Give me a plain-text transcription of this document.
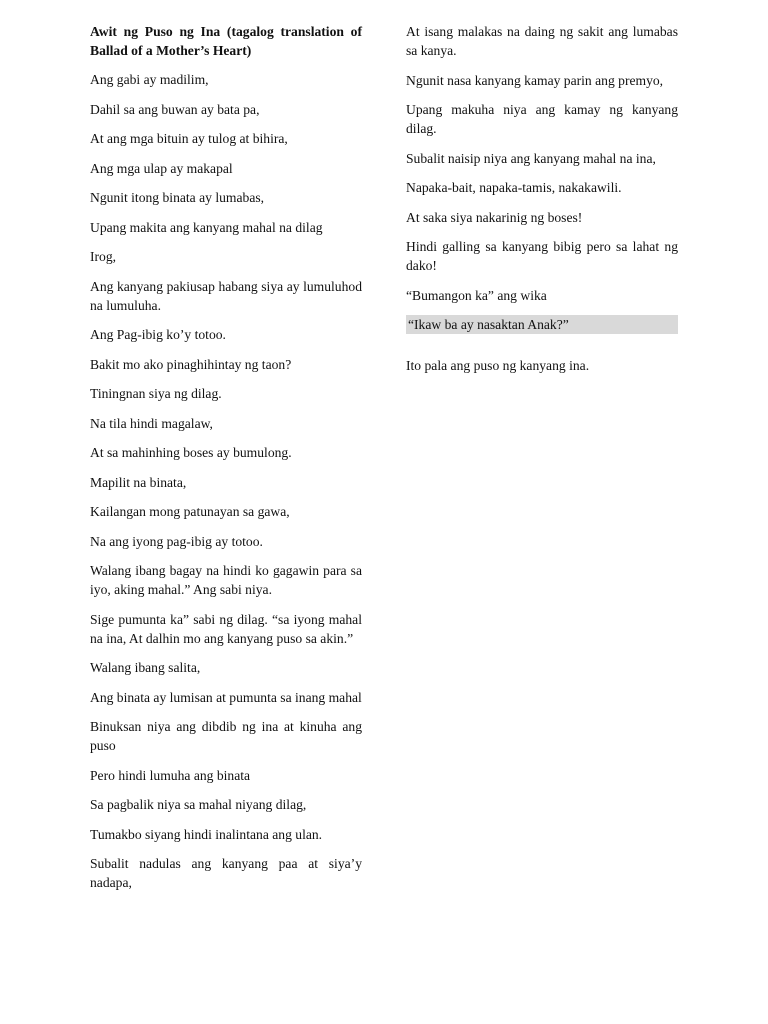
Awit ng Puso ng Ina (tagalog translation of Ballad of a Mother’s Heart)
Ang gabi ay madilim,
Dahil sa ang buwan ay bata pa,
At ang mga bituin ay tulog at bihira,
Ang mga ulap ay makapal
Ngunit itong binata ay lumabas,
Upang makita ang kanyang mahal na dilag
Irog,
Ang kanyang pakiusap habang siya ay lumuluhod na lumuluha.
Ang Pag-ibig ko’y totoo.
Bakit mo ako pinaghihintay ng taon?
Tiningnan siya ng dilag.
Na tila hindi magalaw,
At sa mahinhing boses ay bumulong.
Mapilit na binata,
Kailangan mong patunayan sa gawa,
Na ang iyong pag-ibig ay totoo.
Walang ibang bagay na hindi ko gagawin para sa iyo, aking mahal.” Ang sabi niya.
Sige pumunta ka” sabi ng dilag. “sa iyong mahal na ina, At dalhin mo ang kanyang puso sa akin.”
Walang ibang salita,
Ang binata ay lumisan at pumunta sa inang mahal
Binuksan niya ang dibdib ng ina at kinuha ang puso
Pero hindi lumuha ang binata
Sa pagbalik niya sa mahal niyang dilag,
Tumakbo siyang hindi inalintana ang ulan.
Subalit nadulas ang kanyang paa at siya’y nadapa,
At isang malakas na daing ng sakit ang lumabas sa kanya.
Ngunit nasa kanyang kamay parin ang premyo,
Upang makuha niya ang kamay ng kanyang dilag.
Subalit naisip niya ang kanyang mahal na ina,
Napaka-bait, napaka-tamis, nakakawili.
At saka siya nakarinig ng boses!
Hindi galling sa kanyang bibig pero sa lahat ng dako!
“Bumangon ka” ang wika
“Ikaw ba ay nasaktan Anak?”
Ito pala ang puso ng kanyang ina.
